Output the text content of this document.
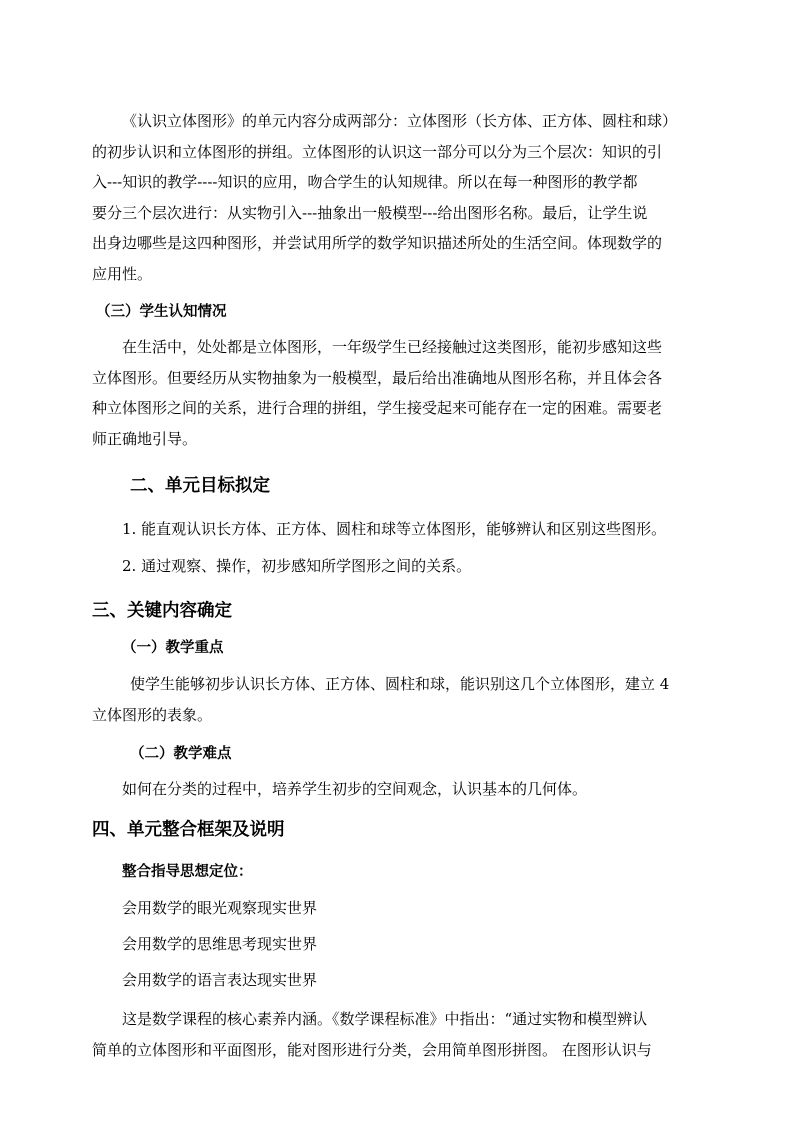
《认识立体图形》的单元内容分成两部分：立体图形（长方体、正方体、圆柱和球）
的初步认识和立体图形的拼组。立体图形的认识这一部分可以分为三个层次：知识的引
入---知识的教学----知识的应用，吻合学生的认知规律。所以在每一种图形的教学都
要分三个层次进行：从实物引入---抽象出一般模型---给出图形名称。最后，让学生说
出身边哪些是这四种图形，并尝试用所学的数学知识描述所处的生活空间。体现数学的
应用性。
（三）学生认知情况
在生活中，处处都是立体图形，一年级学生已经接触过这类图形，能初步感知这些
立体图形。但要经历从实物抽象为一般模型，最后给出准确地从图形名称，并且体会各
种立体图形之间的关系，进行合理的拼组，学生接受起来可能存在一定的困难。需要老
师正确地引导。
二、单元目标拟定
1. 能直观认识长方体、正方体、圆柱和球等立体图形，能够辨认和区别这些图形。
2. 通过观察、操作，初步感知所学图形之间的关系。
三、关键内容确定
（一）教学重点
使学生能够初步认识长方体、正方体、圆柱和球，能识别这几个立体图形，建立 4
立体图形的表象。
（二）教学难点
如何在分类的过程中，培养学生初步的空间观念，认识基本的几何体。
四、单元整合框架及说明
整合指导思想定位：
会用数学的眼光观察现实世界
会用数学的思维思考现实世界
会用数学的语言表达现实世界
这是数学课程的核心素养内涵。《数学课程标准》中指出：“通过实物和模型辨认
简单的立体图形和平面图形，能对图形进行分类，会用简单图形拼图。 在图形认识与
